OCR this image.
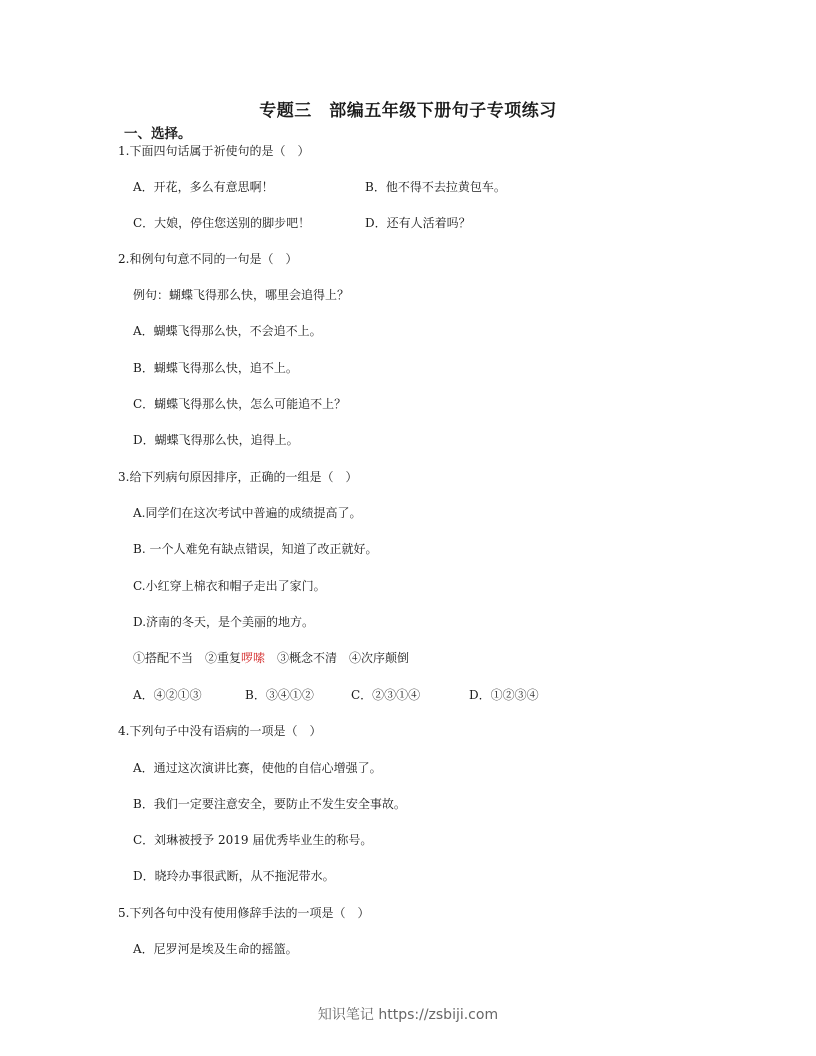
专题三　部编五年级下册句子专项练习
一、选择。
1.下面四句话属于祈使句的是（　）
A．开花，多么有意思啊！	B．他不得不去拉黄包车。
C．大娘，停住您送别的脚步吧！	D．还有人活着吗？
2.和例句句意不同的一句是（　）
例句：蝴蝶飞得那么快，哪里会追得上？
A．蝴蝶飞得那么快，不会追不上。
B．蝴蝶飞得那么快，追不上。
C．蝴蝶飞得那么快，怎么可能追不上？
D．蝴蝶飞得那么快，追得上。
3.给下列病句原因排序，正确的一组是（　）
A.同学们在这次考试中普遍的成绩提高了。
B. 一个人难免有缺点错误，知道了改正就好。
C.小红穿上棉衣和帽子走出了家门。
D.济南的冬天，是个美丽的地方。
①搭配不当　②重复啰嗦　③概念不清　④次序颠倒
A．④②①③	B．③④①②	C．②③①④	D．①②③④
4.下列句子中没有语病的一项是（　）
A．通过这次演讲比赛，使他的自信心增强了。
B．我们一定要注意安全，要防止不发生安全事故。
C．刘琳被授予 2019 届优秀毕业生的称号。
D．晓玲办事很武断，从不拖泥带水。
5.下列各句中没有使用修辞手法的一项是（　）
A．尼罗河是埃及生命的摇篮。
知识笔记 https://zsbiji.com
